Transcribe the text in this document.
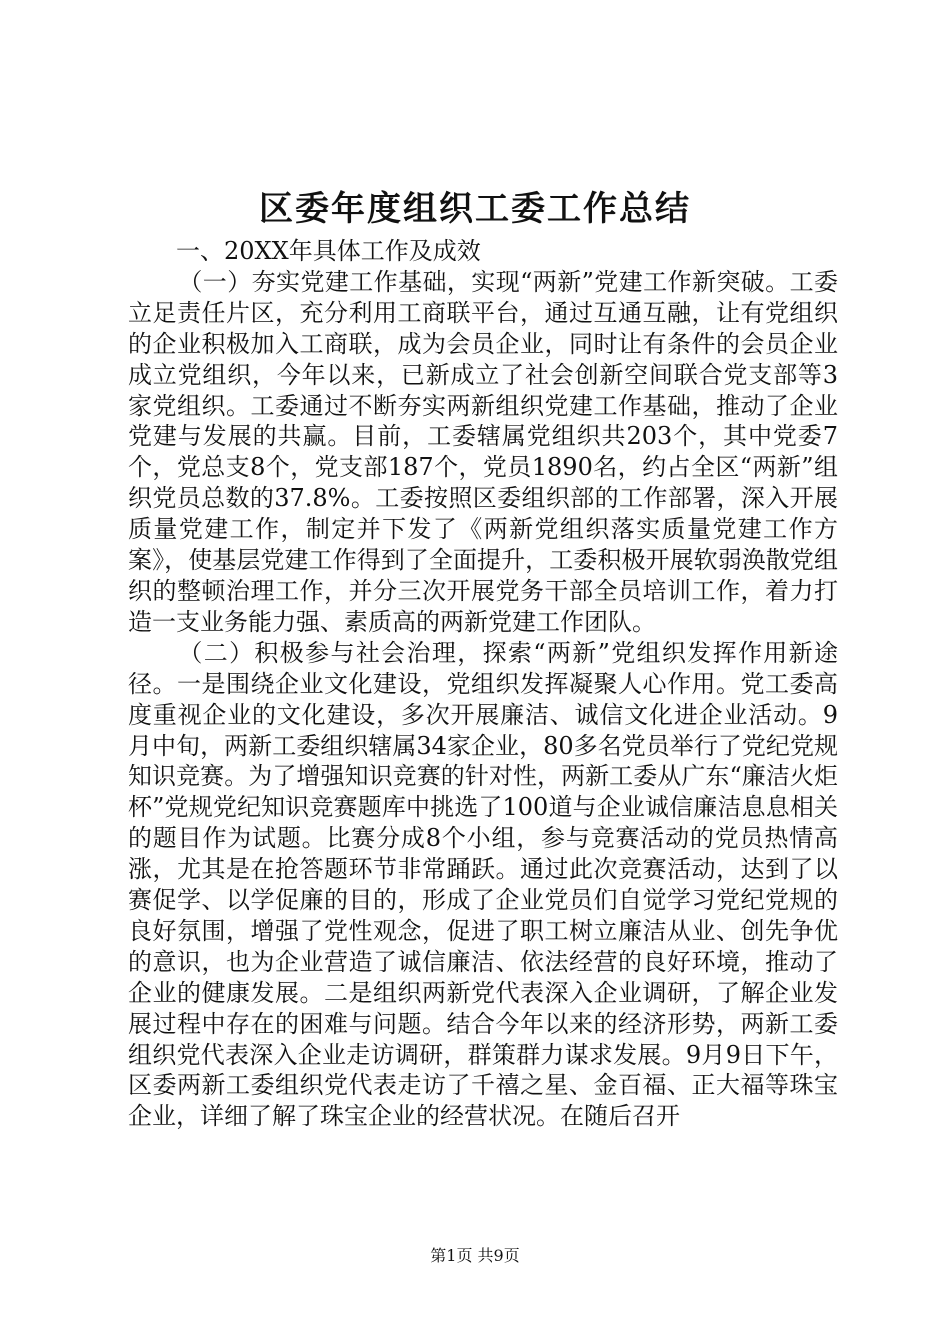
区委年度组织工委工作总结

一、20XX年具体工作及成效

（一）夯实党建工作基础，实现“两新”党建工作新突破。工委立足责任片区，充分利用工商联平台，通过互通互融，让有党组织的企业积极加入工商联，成为会员企业，同时让有条件的会员企业成立党组织，今年以来，已新成立了社会创新空间联合党支部等3家党组织。工委通过不断夯实两新组织党建工作基础，推动了企业党建与发展的共赢。目前，工委辖属党组织共203个，其中党委7个，党总支8个，党支部187个，党员1890名，约占全区“两新”组织党员总数的37.8%。工委按照区委组织部的工作部署，深入开展质量党建工作，制定并下发了《两新党组织落实质量党建工作方案》，使基层党建工作得到了全面提升，工委积极开展软弱涣散党组织的整顿治理工作，并分三次开展党务干部全员培训工作，着力打造一支业务能力强、素质高的两新党建工作团队。

（二）积极参与社会治理，探索“两新”党组织发挥作用新途径。一是围绕企业文化建设，党组织发挥凝聚人心作用。党工委高度重视企业的文化建设，多次开展廉洁、诚信文化进企业活动。9月中旬，两新工委组织辖属34家企业，80多名党员举行了党纪党规知识竞赛。为了增强知识竞赛的针对性，两新工委从广东“廉洁火炬杯”党规党纪知识竞赛题库中挑选了100道与企业诚信廉洁息息相关的题目作为试题。比赛分成8个小组，参与竞赛活动的党员热情高涨，尤其是在抢答题环节非常踊跃。通过此次竞赛活动，达到了以赛促学、以学促廉的目的，形成了企业党员们自觉学习党纪党规的良好氛围，增强了党性观念，促进了职工树立廉洁从业、创先争优的意识，也为企业营造了诚信廉洁、依法经营的良好环境，推动了企业的健康发展。二是组织两新党代表深入企业调研，了解企业发展过程中存在的困难与问题。结合今年以来的经济形势，两新工委组织党代表深入企业走访调研，群策群力谋求发展。9月9日下午，区委两新工委组织党代表走访了千禧之星、金百福、正大福等珠宝企业，详细了解了珠宝企业的经营状况。在随后召开

第1页 共9页
